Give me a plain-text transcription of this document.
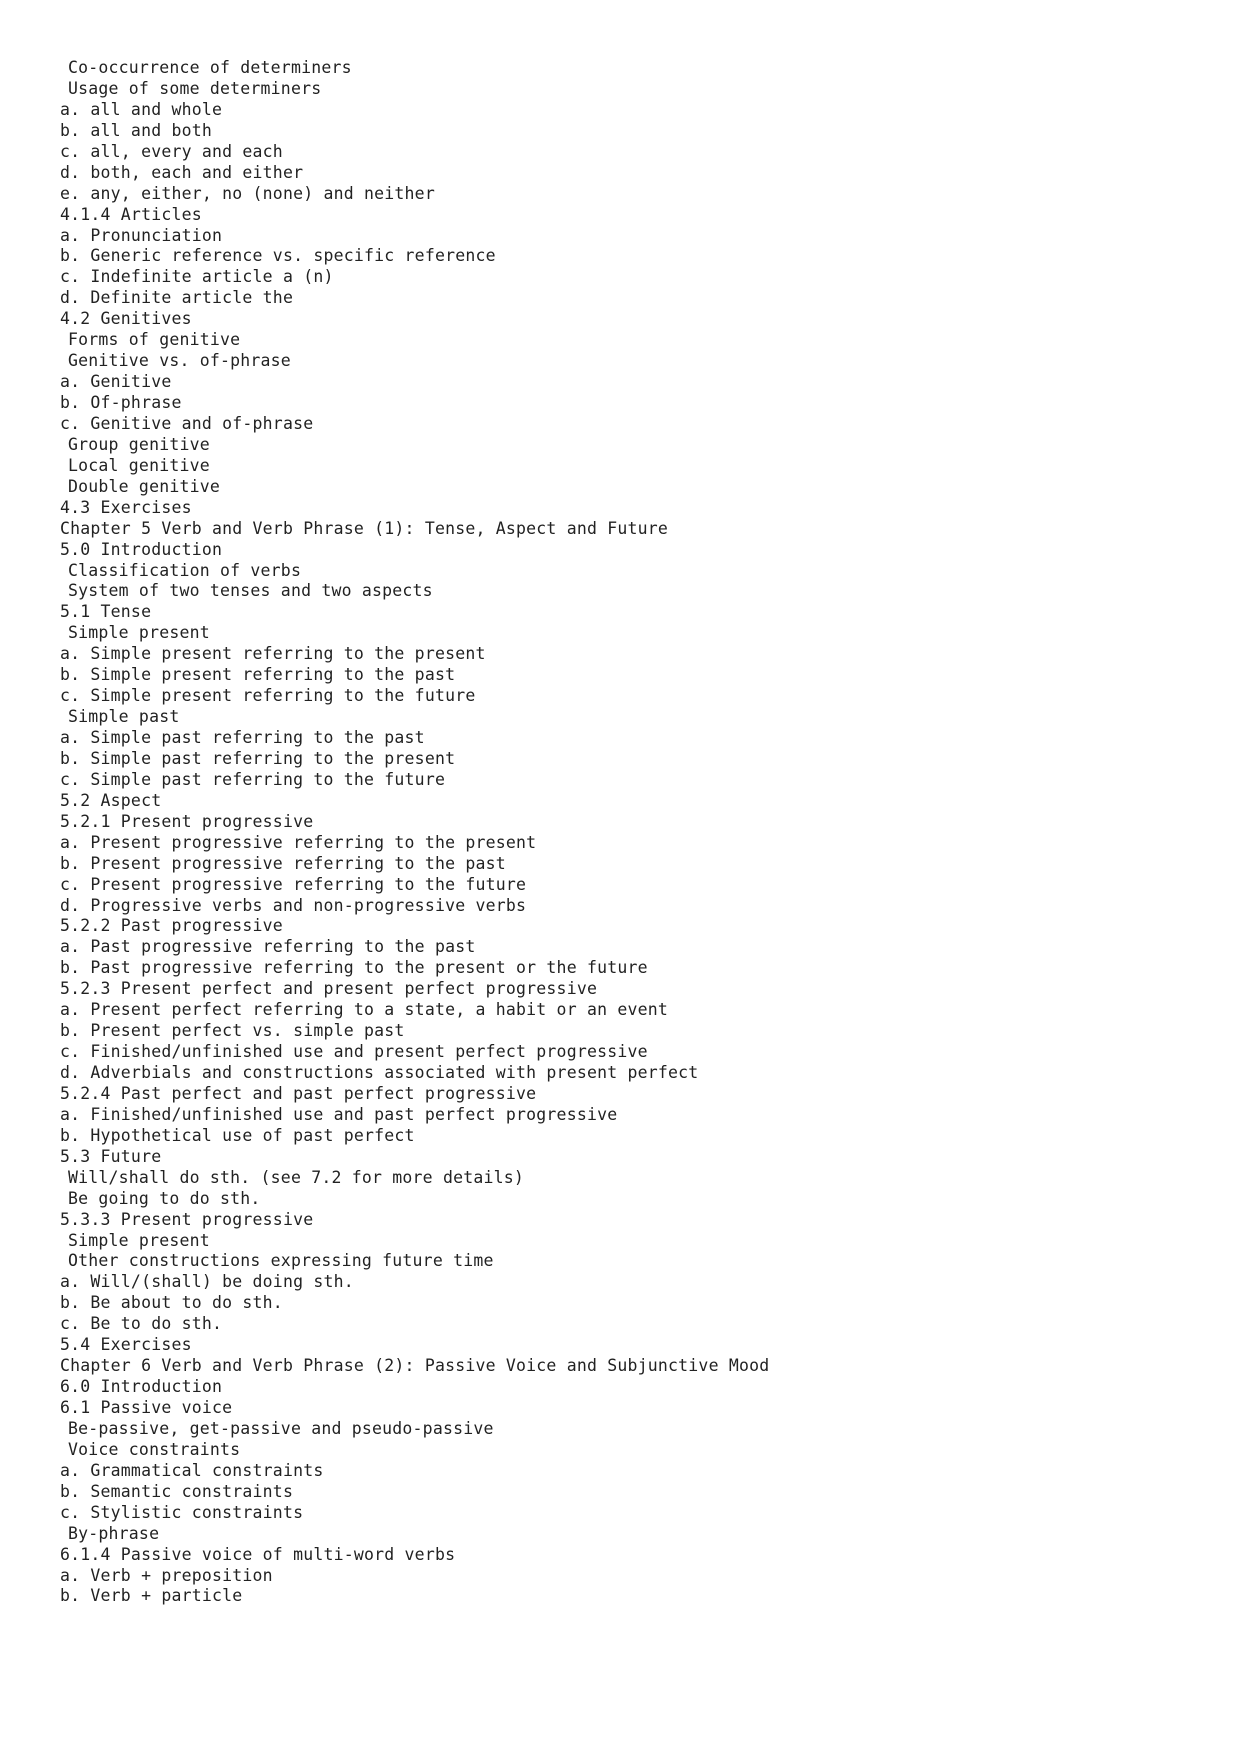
Co-occurrence of determiners
Usage of some determiners
a. all and whole
b. all and both
c. all, every and each
d. both, each and either
e. any, either, no (none) and neither
4.1.4 Articles
a. Pronunciation
b. Generic reference vs. specific reference
c. Indefinite article a (n)
d. Definite article the
4.2 Genitives
Forms of genitive
Genitive vs. of-phrase
a. Genitive
b. Of-phrase
c. Genitive and of-phrase
Group genitive
Local genitive
Double genitive
4.3 Exercises
Chapter 5 Verb and Verb Phrase (1): Tense, Aspect and Future
5.0 Introduction
Classification of verbs
System of two tenses and two aspects
5.1 Tense
Simple present
a. Simple present referring to the present
b. Simple present referring to the past
c. Simple present referring to the future
Simple past
a. Simple past referring to the past
b. Simple past referring to the present
c. Simple past referring to the future
5.2 Aspect
5.2.1 Present progressive
a. Present progressive referring to the present
b. Present progressive referring to the past
c. Present progressive referring to the future
d. Progressive verbs and non-progressive verbs
5.2.2 Past progressive
a. Past progressive referring to the past
b. Past progressive referring to the present or the future
5.2.3 Present perfect and present perfect progressive
a. Present perfect referring to a state, a habit or an event
b. Present perfect vs. simple past
c. Finished/unfinished use and present perfect progressive
d. Adverbials and constructions associated with present perfect
5.2.4 Past perfect and past perfect progressive
a. Finished/unfinished use and past perfect progressive
b. Hypothetical use of past perfect
5.3 Future
Will/shall do sth. (see 7.2 for more details)
Be going to do sth.
5.3.3 Present progressive
Simple present
Other constructions expressing future time
a. Will/(shall) be doing sth.
b. Be about to do sth.
c. Be to do sth.
5.4 Exercises
Chapter 6 Verb and Verb Phrase (2): Passive Voice and Subjunctive Mood
6.0 Introduction
6.1 Passive voice
Be-passive, get-passive and pseudo-passive
Voice constraints
a. Grammatical constraints
b. Semantic constraints
c. Stylistic constraints
By-phrase
6.1.4 Passive voice of multi-word verbs
a. Verb + preposition
b. Verb + particle
